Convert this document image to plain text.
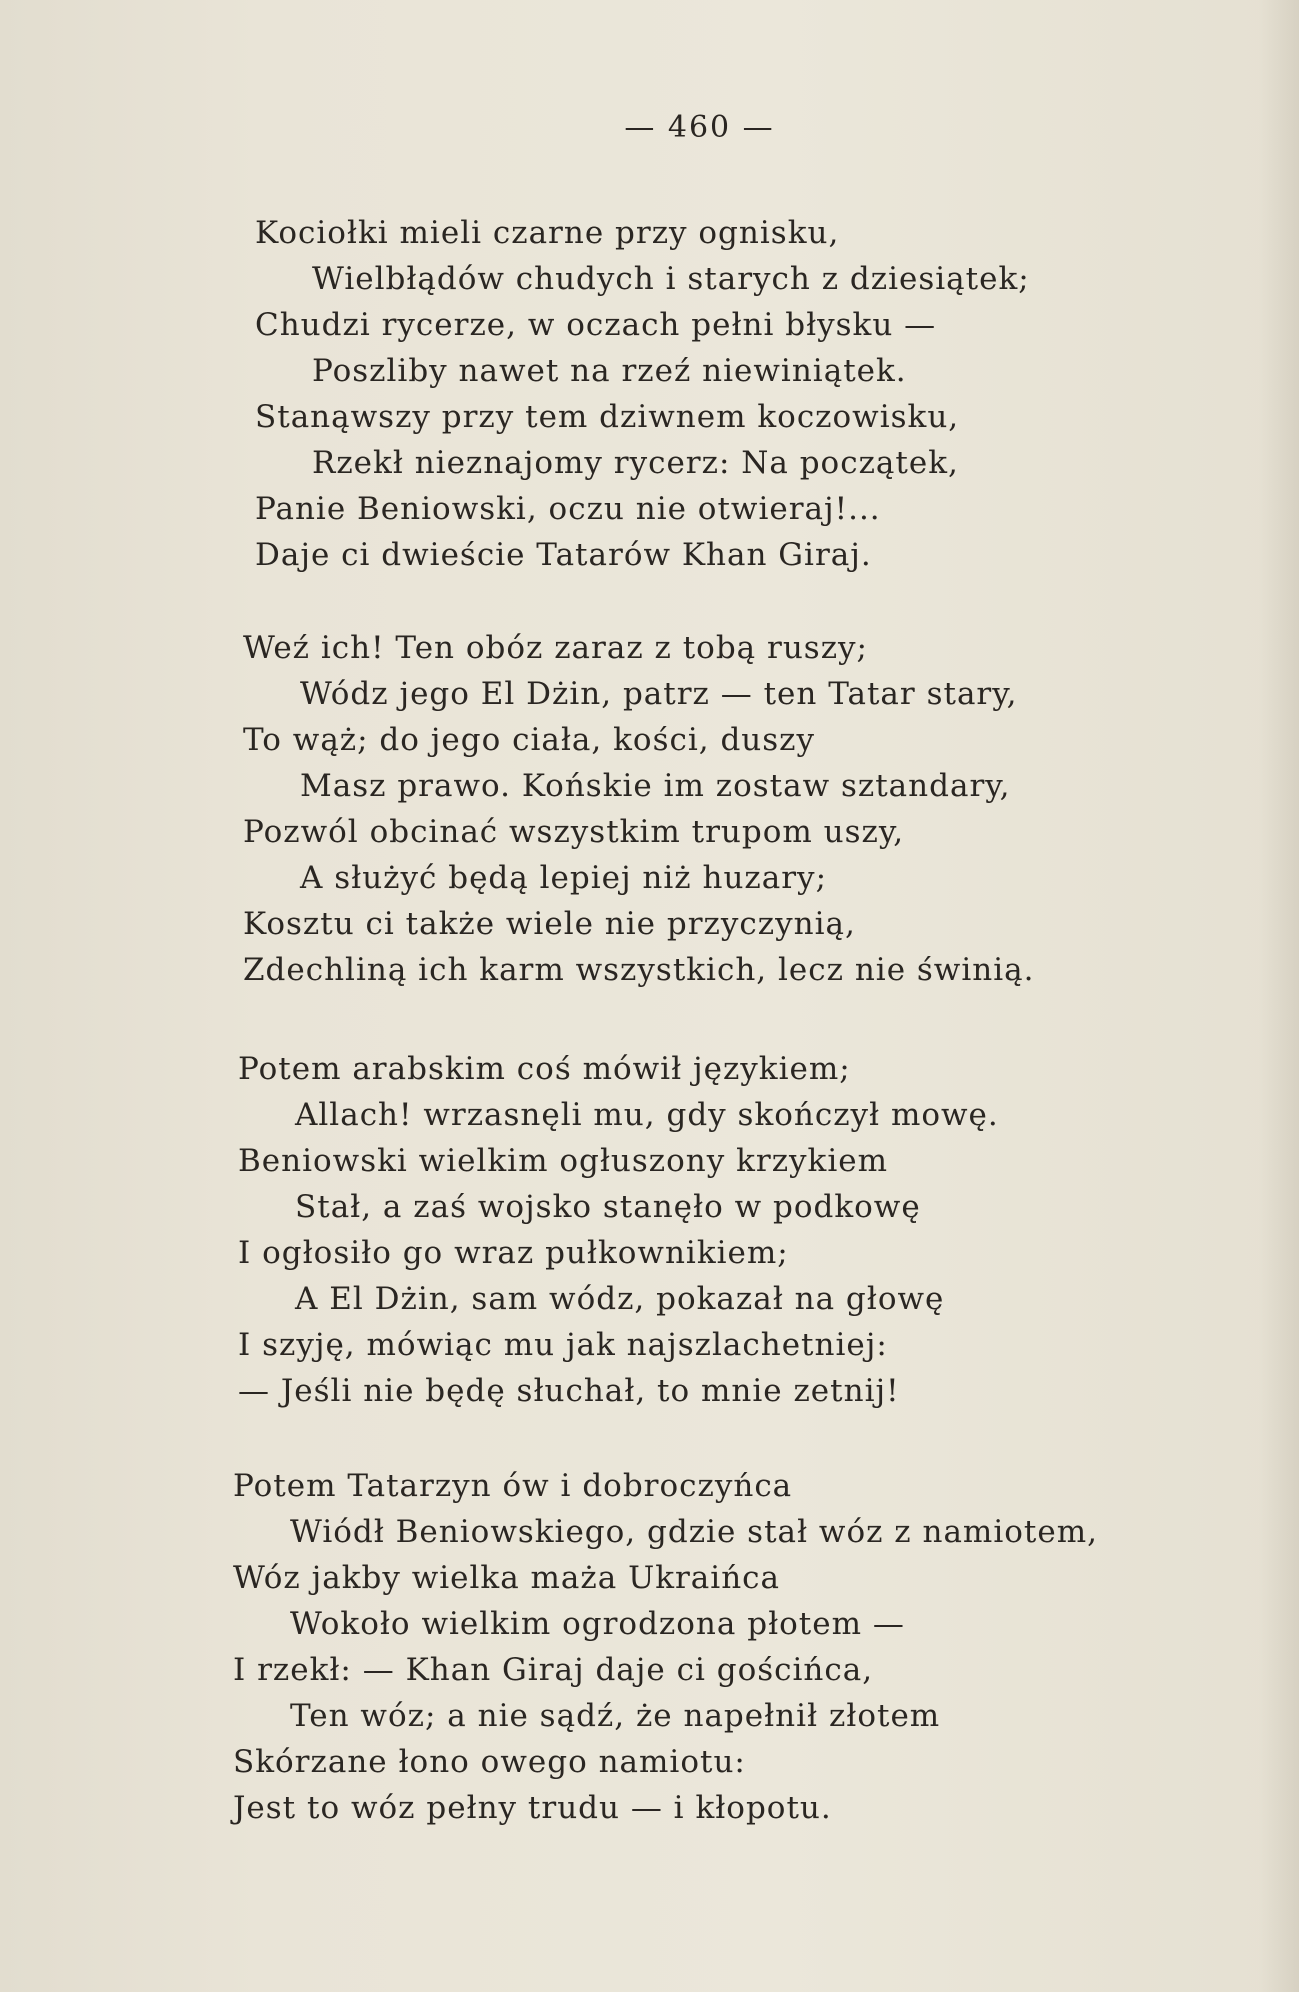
— 460 —
Kociołki mieli czarne przy ognisku,
Wielbłądów chudych i starych z dziesiątek;
Chudzi rycerze, w oczach pełni błysku —
Poszliby nawet na rzeź niewiniątek.
Stanąwszy przy tem dziwnem koczowisku,
Rzekł nieznajomy rycerz: Na początek,
Panie Beniowski, oczu nie otwieraj!...
Daje ci dwieście Tatarów Khan Giraj.
Weź ich! Ten obóz zaraz z tobą ruszy;
Wódz jego El Dżin, patrz — ten Tatar stary,
To wąż; do jego ciała, kości, duszy
Masz prawo. Końskie im zostaw sztandary,
Pozwól obcinać wszystkim trupom uszy,
A służyć będą lepiej niż huzary;
Kosztu ci także wiele nie przyczynią,
Zdechliną ich karm wszystkich, lecz nie świnią.
Potem arabskim coś mówił językiem;
Allach! wrzasnęli mu, gdy skończył mowę.
Beniowski wielkim ogłuszony krzykiem
Stał, a zaś wojsko stanęło w podkowę
I ogłosiło go wraz pułkownikiem;
A El Dżin, sam wódz, pokazał na głowę
I szyję, mówiąc mu jak najszlachetniej:
— Jeśli nie będę słuchał, to mnie zetnij!
Potem Tatarzyn ów i dobroczyńca
Wiódł Beniowskiego, gdzie stał wóz z namiotem,
Wóz jakby wielka maża Ukraińca
Wokoło wielkim ogrodzona płotem —
I rzekł: — Khan Giraj daje ci gościńca,
Ten wóz; a nie sądź, że napełnił złotem
Skórzane łono owego namiotu:
Jest to wóz pełny trudu — i kłopotu.
